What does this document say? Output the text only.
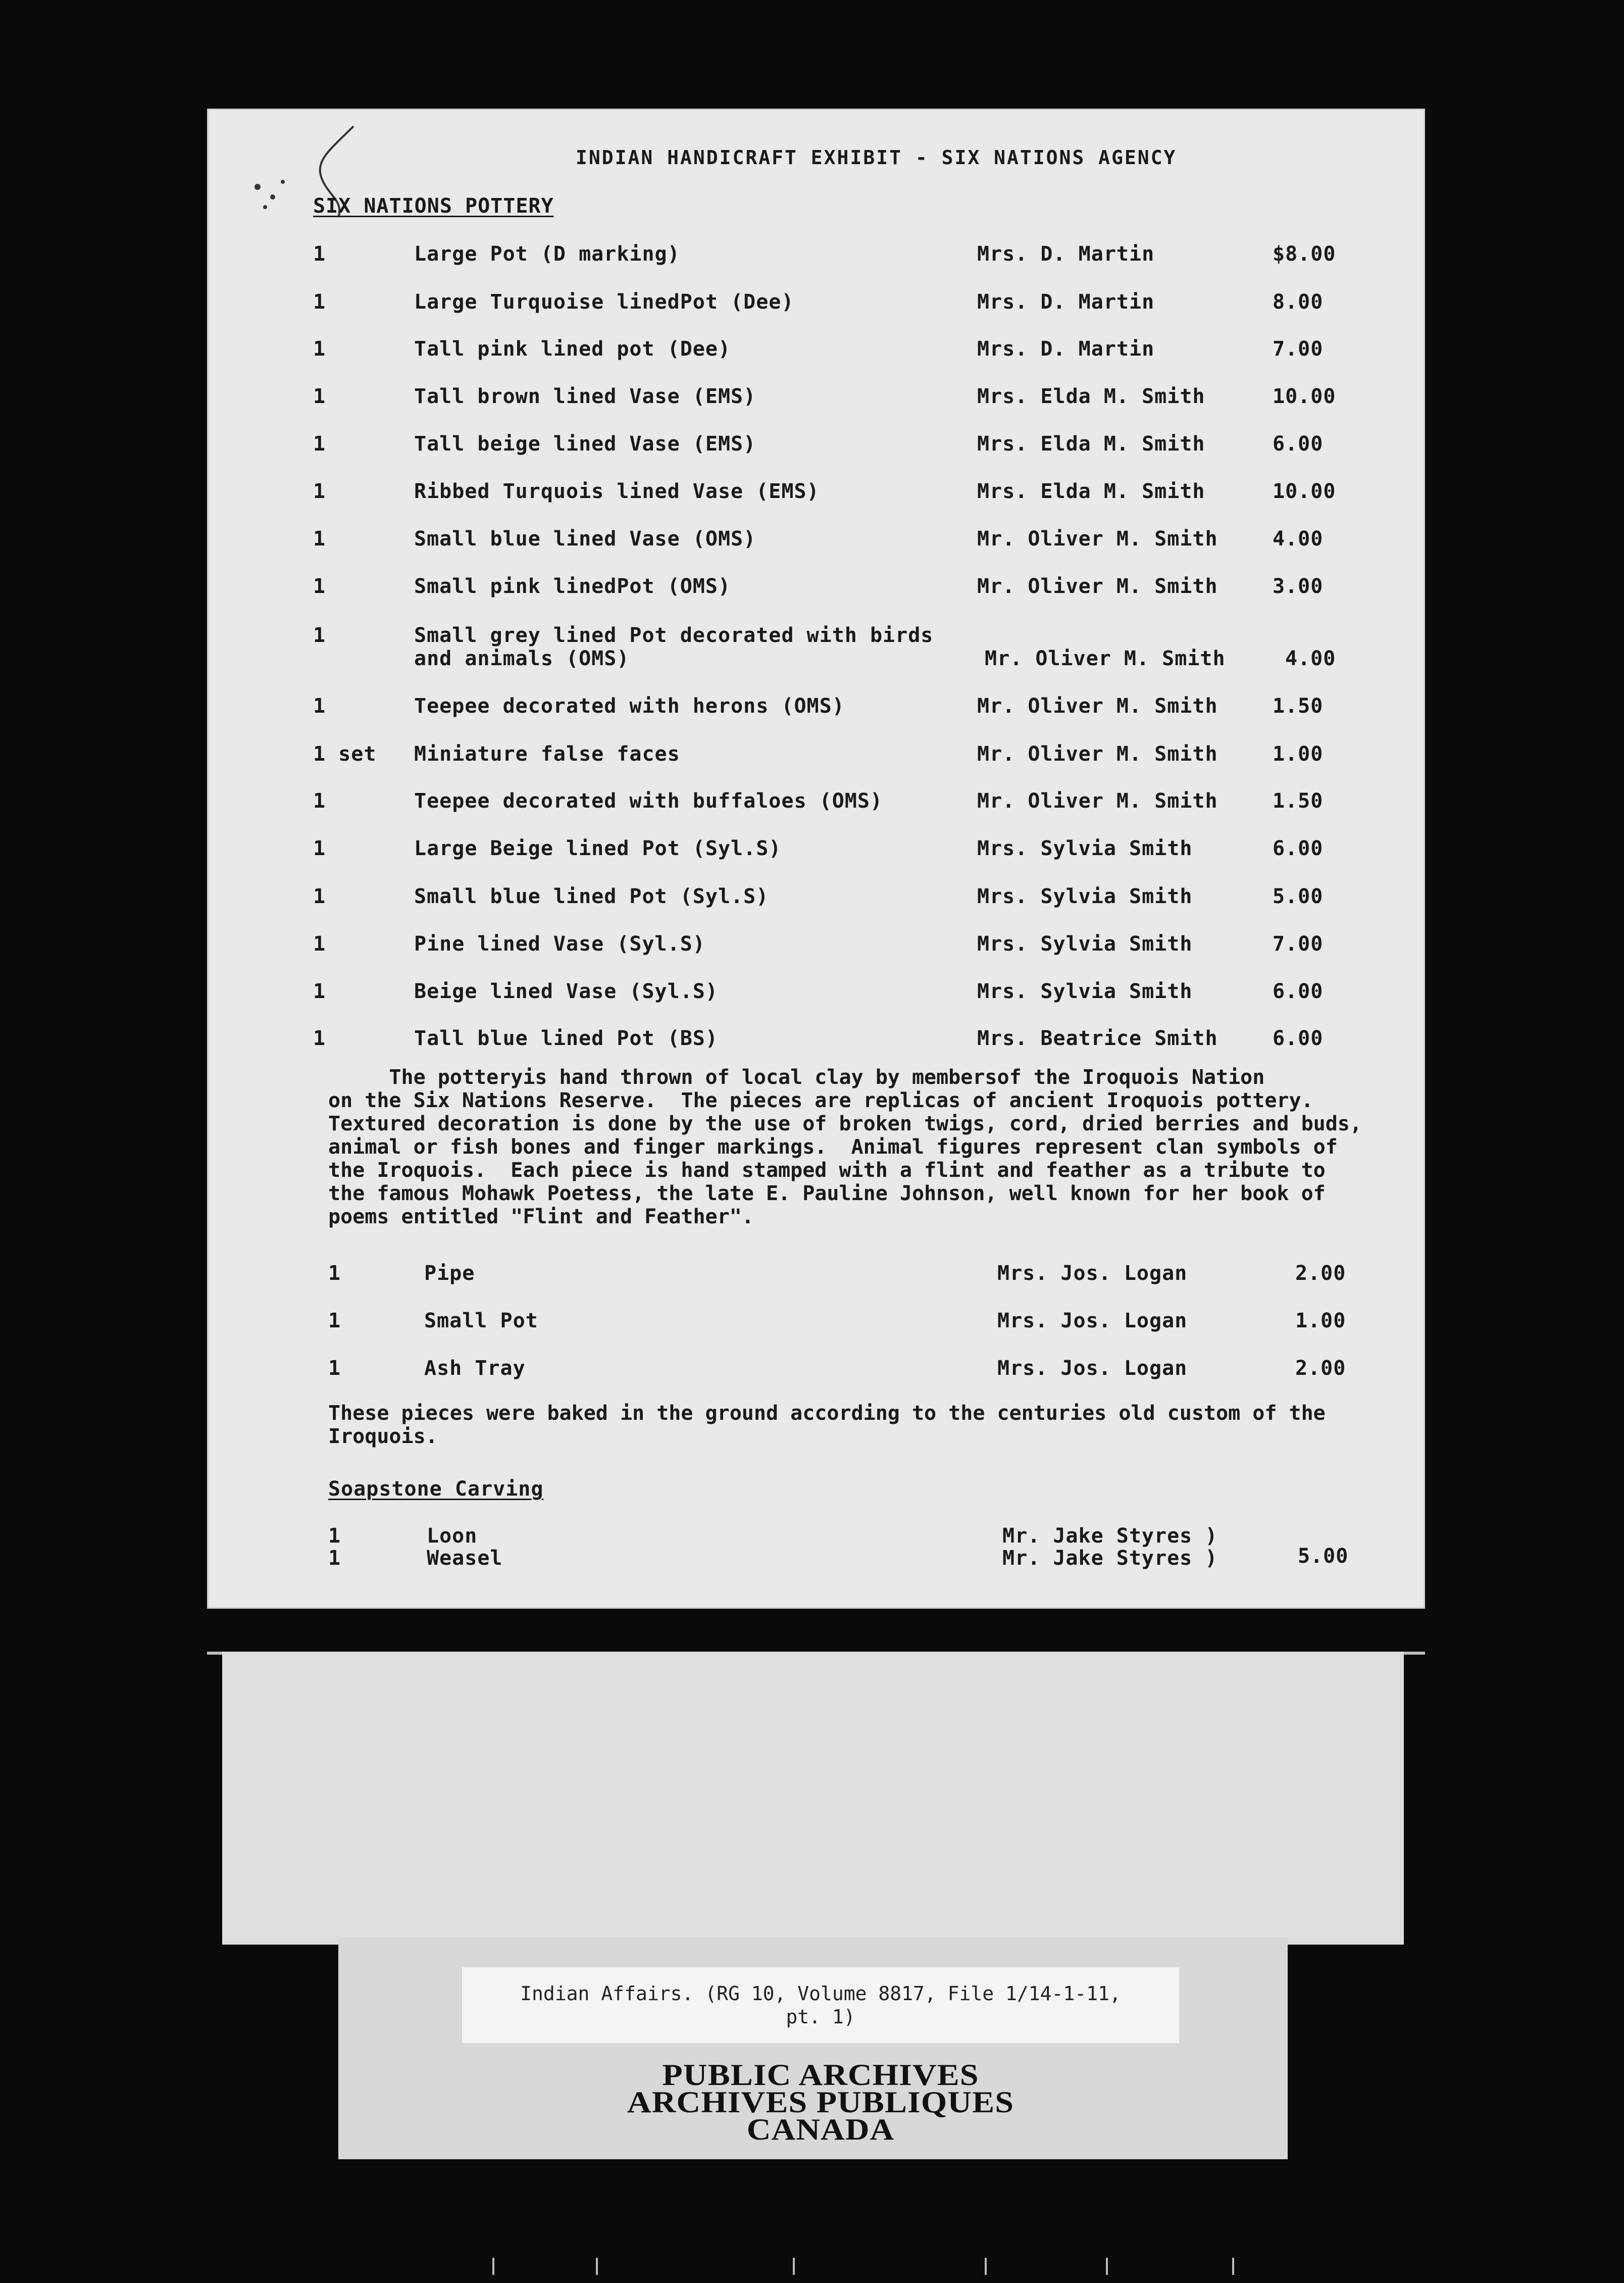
INDIAN HANDICRAFT EXHIBIT - SIX NATIONS AGENCY
SIX NATIONS POTTERY
1	Large Pot (D marking)	Mrs. D. Martin	$8.00
1	Large Turquoise linedPot (Dee)	Mrs. D. Martin	8.00
1	Tall pink lined pot (Dee)	Mrs. D. Martin	7.00
1	Tall brown lined Vase (EMS)	Mrs. Elda M. Smith	10.00
1	Tall beige lined Vase (EMS)	Mrs. Elda M. Smith	6.00
1	Ribbed Turquois lined Vase (EMS)	Mrs. Elda M. Smith	10.00
1	Small blue lined Vase (OMS)	Mr. Oliver M. Smith	4.00
1	Small pink linedPot (OMS)	Mr. Oliver M. Smith	3.00
1	Small grey lined Pot decorated with birds
and animals (OMS)	Mr. Oliver M. Smith	4.00
1	Teepee decorated with herons (OMS)	Mr. Oliver M. Smith	1.50
1 set Miniature false faces	Mr. Oliver M. Smith	1.00
1	Teepee decorated with buffaloes (OMS)	Mr. Oliver M. Smith	1.50
1	Large Beige lined Pot (Syl.S)	Mrs. Sylvia Smith	6.00
1	Small blue lined Pot (Syl.S)	Mrs. Sylvia Smith	5.00
1	Pine lined Vase (Syl.S)	Mrs. Sylvia Smith	7.00
1	Beige lined Vase (Syl.S)	Mrs. Sylvia Smith	6.00
1	Tall blue lined Pot (BS)	Mrs. Beatrice Smith	6.00
The potteryis hand thrown of local clay by membersof the Iroquois Nation
on the Six Nations Reserve.  The pieces are replicas of ancient Iroquois pottery.
Textured decoration is done by the use of broken twigs, cord, dried berries and buds,
animal or fish bones and finger markings.  Animal figures represent clan symbols of
the Iroquois.  Each piece is hand stamped with a flint and feather as a tribute to
the famous Mohawk Poetess, the late E. Pauline Johnson, well known for her book of
poems entitled "Flint and Feather".
1	Pipe	Mrs. Jos. Logan	2.00
1	Small Pot	Mrs. Jos. Logan	1.00
1	Ash Tray	Mrs. Jos. Logan	2.00
These pieces were baked in the ground according to the centuries old custom of the
Iroquois.
Soapstone Carving
1	Loon	Mr. Jake Styres )
1	Weasel	Mr. Jake Styres )	5.00
Indian Affairs. (RG 10, Volume 8817, File 1/14-1-11,
pt. 1)
PUBLIC ARCHIVES
ARCHIVES PUBLIQUES
CANADA
